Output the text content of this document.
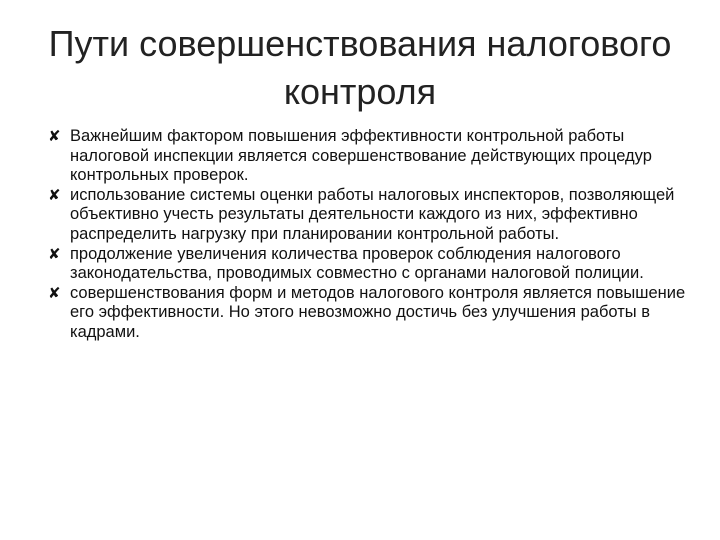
Пути совершенствования налогового
контроля
✘ Важнейшим фактором повышения эффективности контрольной работы налоговой инспекции является совершенствование действующих процедур контрольных проверок.
✘ использование системы оценки работы налоговых инспекторов, позволяющей объективно учесть результаты деятельности каждого из них, эффективно распределить нагрузку при планировании контрольной работы.
✘ продолжение увеличения количества проверок соблюдения налогового законодательства, проводимых совместно с органами налоговой полиции.
✘ совершенствования форм и методов налогового контроля является повышение его эффективности. Но этого невозможно достичь без улучшения работы в кадрами.
